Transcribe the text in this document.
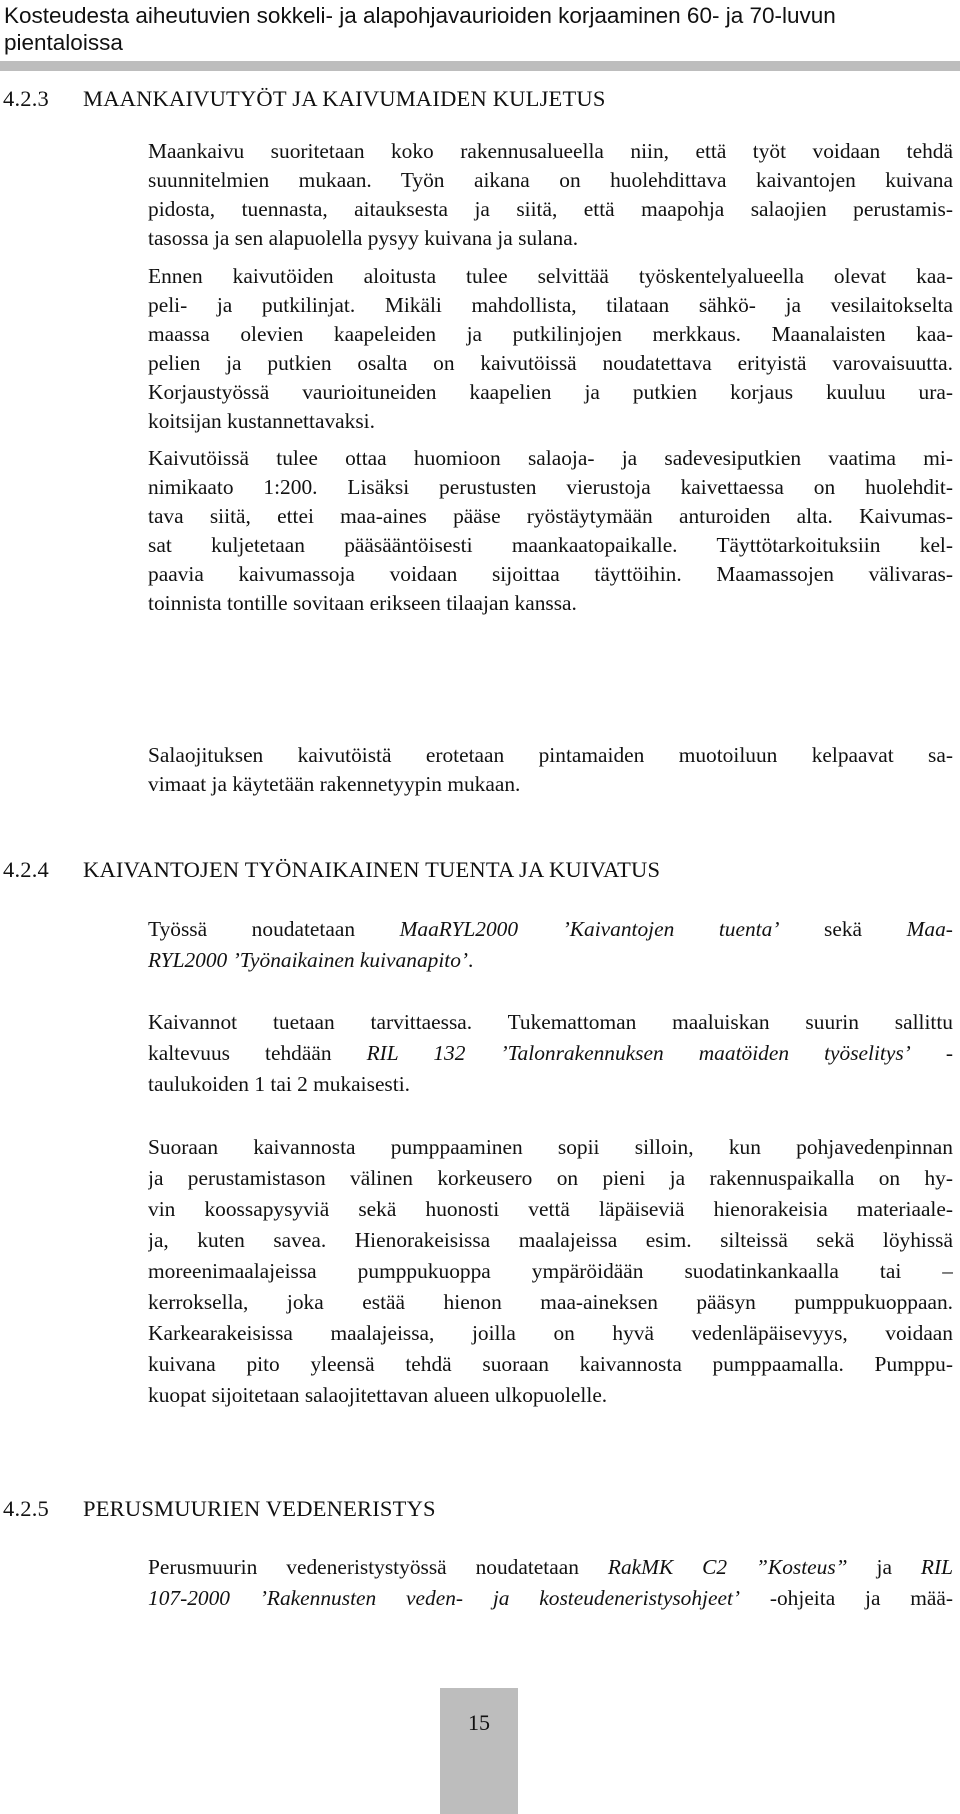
Kosteudesta aiheutuvien sokkeli- ja alapohjavaurioiden korjaaminen 60- ja 70-luvun
pientaloissa
4.2.3 MAANKAIVUTYÖT JA KAIVUMAIDEN KULJETUS
Maankaivu suoritetaan koko rakennusalueella niin, että työt voidaan tehdä
suunnitelmien mukaan. Työn aikana on huolehdittava kaivantojen kuivana
pidosta, tuennasta, aitauksesta ja siitä, että maapohja salaojien perustamis-
tasossa ja sen alapuolella pysyy kuivana ja sulana.
Ennen kaivutöiden aloitusta tulee selvittää työskentelyalueella olevat kaa-
peli- ja putkilinjat. Mikäli mahdollista, tilataan sähkö- ja vesilaitokselta
maassa olevien kaapeleiden ja putkilinjojen merkkaus. Maanalaisten kaa-
pelien ja putkien osalta on kaivutöissä noudatettava erityistä varovaisuutta.
Korjaustyössä vaurioituneiden kaapelien ja putkien korjaus kuuluu ura-
koitsijan kustannettavaksi.
Kaivutöissä tulee ottaa huomioon salaoja- ja sadevesiputkien vaatima mi-
nimikaato 1:200. Lisäksi perustusten vierustoja kaivettaessa on huolehdit-
tava siitä, ettei maa-aines pääse ryöstäytymään anturoiden alta. Kaivumas-
sat kuljetetaan pääsääntöisesti maankaatopaikalle. Täyttötarkoituksiin kel-
paavia kaivumassoja voidaan sijoittaa täyttöihin. Maamassojen välivaras-
toinnista tontille sovitaan erikseen tilaajan kanssa.
Salaojituksen kaivutöistä erotetaan pintamaiden muotoiluun kelpaavat sa-
vimaat ja käytetään rakennetyypin mukaan.
4.2.4 KAIVANTOJEN TYÖNAIKAINEN TUENTA JA KUIVATUS
Työssä noudatetaan MaaRYL2000 ’Kaivantojen tuenta’ sekä Maa-
RYL2000 ’Työnaikainen kuivanapito’.
Kaivannot tuetaan tarvittaessa. Tukemattoman maaluiskan suurin sallittu
kaltevuus tehdään RIL 132 ’Talonrakennuksen maatöiden työselitys’ -
taulukoiden 1 tai 2 mukaisesti.
Suoraan kaivannosta pumppaaminen sopii silloin, kun pohjavedenpinnan
ja perustamistason välinen korkeusero on pieni ja rakennuspaikalla on hy-
vin koossapysyviä sekä huonosti vettä läpäiseviä hienorakeisia materiaale-
ja, kuten savea. Hienorakeisissa maalajeissa esim. silteissä sekä löyhissä
moreenimaalajeissa pumppukuoppa ympäröidään suodatinkankaalla tai –
kerroksella, joka estää hienon maa-aineksen pääsyn pumppukuoppaan.
Karkearakeisissa maalajeissa, joilla on hyvä vedenläpäisevyys, voidaan
kuivana pito yleensä tehdä suoraan kaivannosta pumppaamalla. Pumppu-
kuopat sijoitetaan salaojitettavan alueen ulkopuolelle.
4.2.5 PERUSMUURIEN VEDENERISTYS
Perusmuurin vedeneristystyössä noudatetaan RakMK C2 ”Kosteus” ja RIL
107-2000 ’Rakennusten veden- ja kosteudeneristysohjeet’ -ohjeita ja mää-
15
